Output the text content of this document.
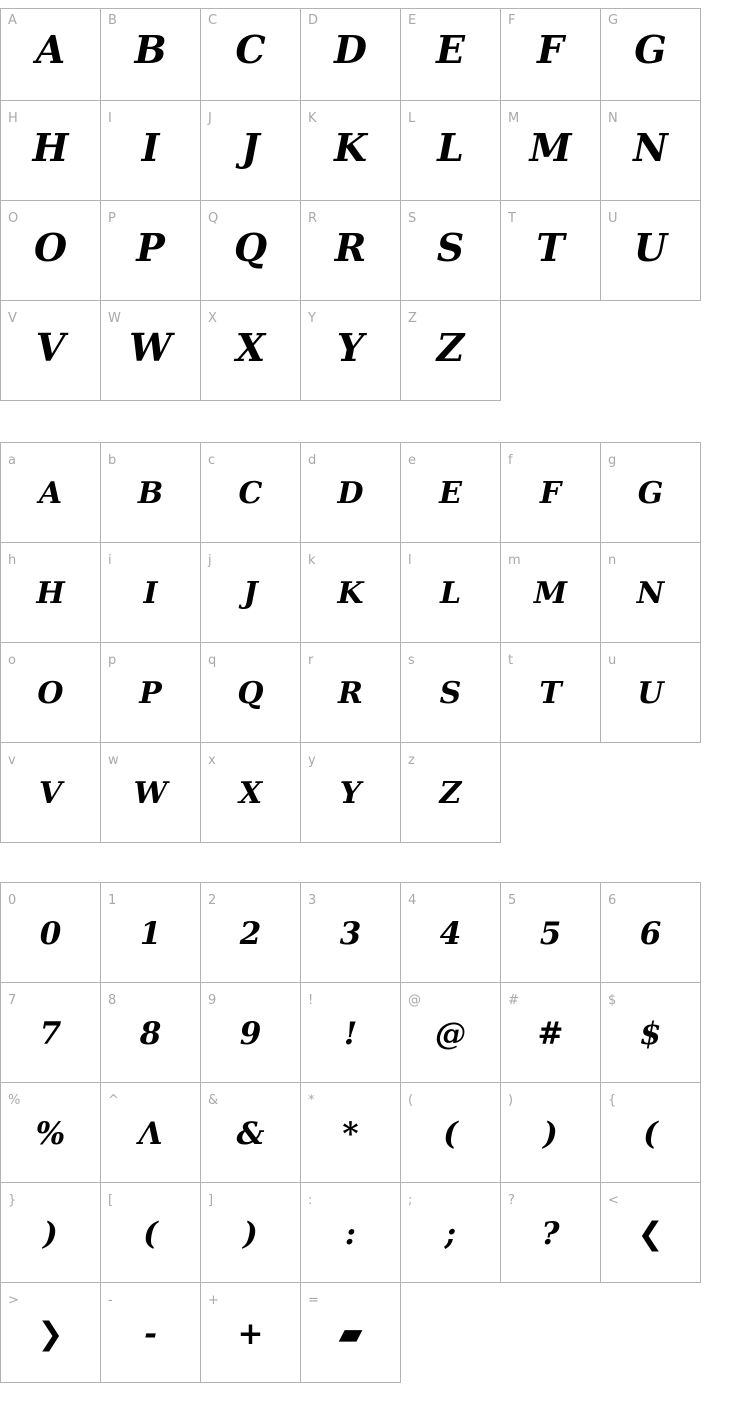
A
A
B
B
C
C
D
D
E
E
F
F
G
G
H
H
I
I
J
J
K
K
L
L
M
M
N
N
O
O
P
P
Q
Q
R
R
S
S
T
T
U
U
V
V
W
W
X
X
Y
Y
Z
Z
a
A
b
B
c
C
d
D
e
E
f
F
g
G
h
H
i
I
j
J
k
K
l
L
m
M
n
N
o
O
p
P
q
Q
r
R
s
S
t
T
u
U
v
V
w
W
x
X
y
Y
z
Z
0
0
1
1
2
2
3
3
4
4
5
5
6
6
7
7
8
8
9
9
!
!
@
@
#
#
$
$
%
%
^
Λ
&
&
*
*
(
(
)
)
{
(
}
)
[
(
]
)
:
:
;
;
?
?
<
❮
>
❯
-
-
+
+
=
▰
